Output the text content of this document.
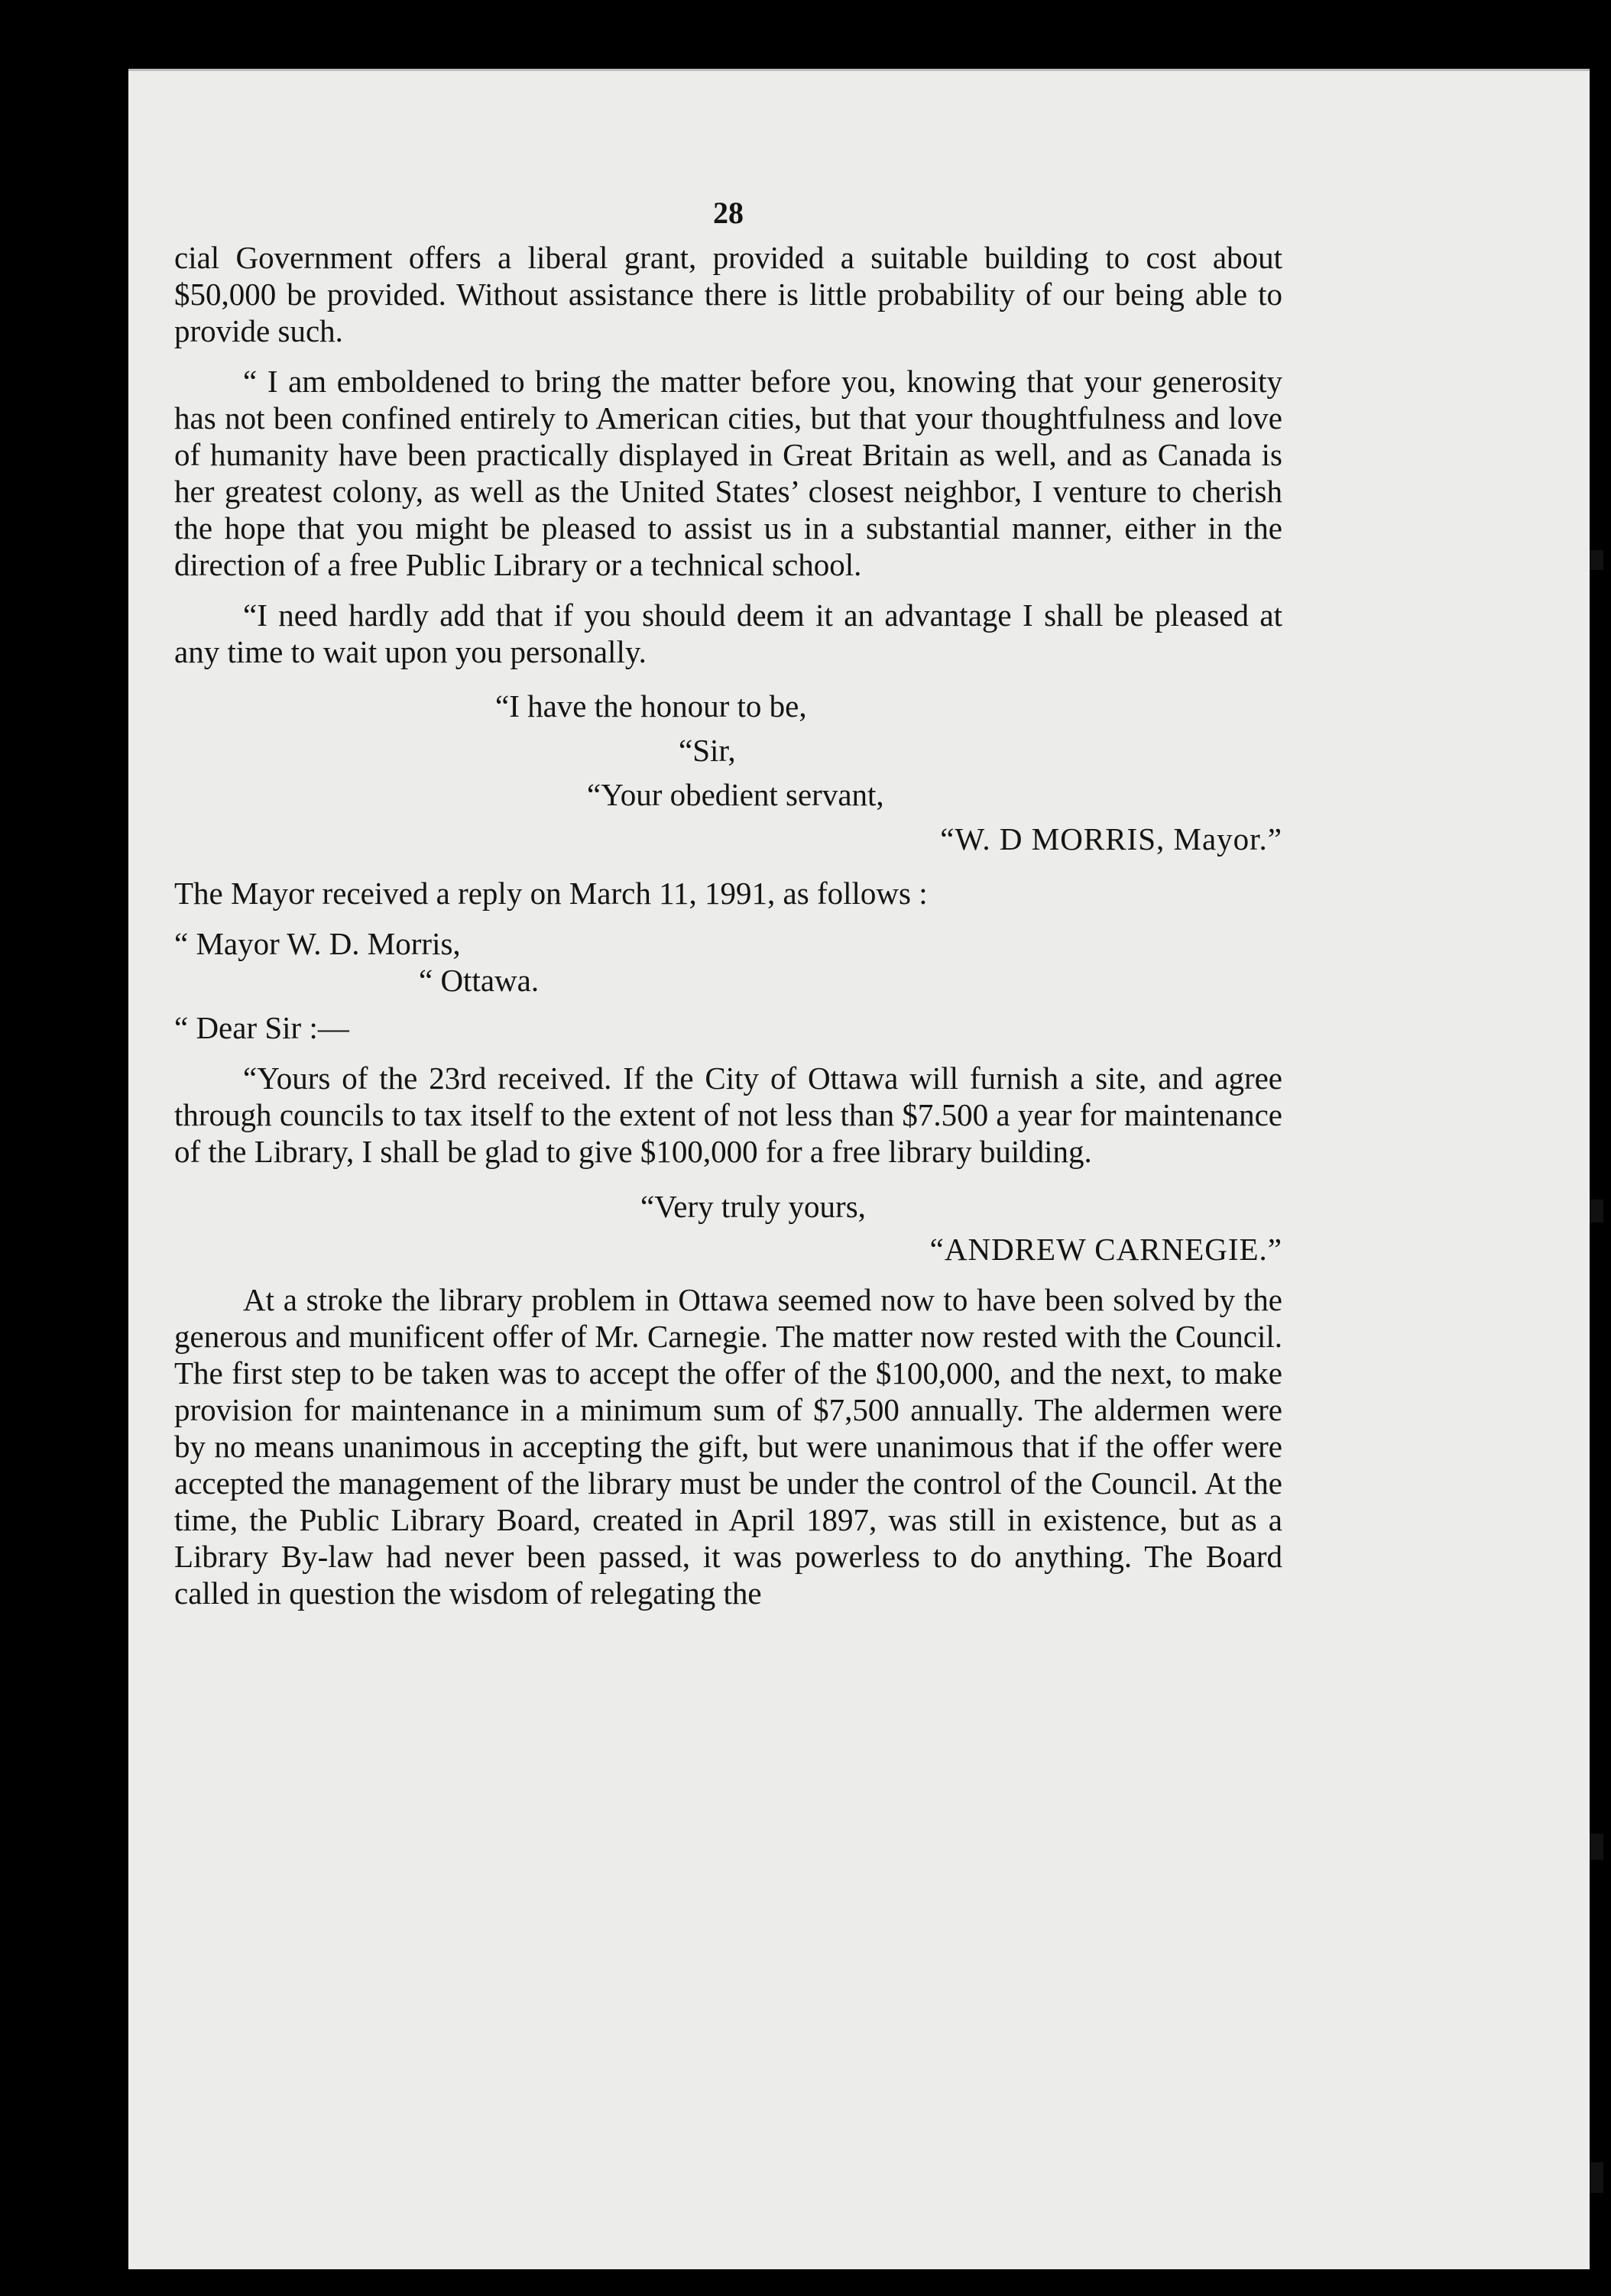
28

cial Government offers a liberal grant, provided a suitable building to cost about $50,000 be provided. Without assistance there is little probability of our being able to provide such.

“ I am emboldened to bring the matter before you, knowing that your generosity has not been confined entirely to American cities, but that your thoughtfulness and love of humanity have been practically displayed in Great Britain as well, and as Canada is her greatest colony, as well as the United States’ closest neighbor, I venture to cherish the hope that you might be pleased to assist us in a substantial manner, either in the direction of a free Public Library or a technical school.

“I need hardly add that if you should deem it an advantage I shall be pleased at any time to wait upon you personally.

“I have the honour to be,

“Sir,

“Your obedient servant,

“W. D MORRIS, Mayor.”

The Mayor received a reply on March 11, 1991, as follows :

“ Mayor W. D. Morris,

“ Ottawa.

“ Dear Sir :—

“Yours of the 23rd received. If the City of Ottawa will furnish a site, and agree through councils to tax itself to the extent of not less than $7.500 a year for maintenance of the Library, I shall be glad to give $100,000 for a free library building.

“Very truly yours,

“ANDREW CARNEGIE.”

At a stroke the library problem in Ottawa seemed now to have been solved by the generous and munificent offer of Mr. Carnegie. The matter now rested with the Council. The first step to be taken was to accept the offer of the $100,000, and the next, to make provision for maintenance in a minimum sum of $7,500 annually. The aldermen were by no means unanimous in accepting the gift, but were unanimous that if the offer were accepted the management of the library must be under the control of the Council. At the time, the Public Library Board, created in April 1897, was still in existence, but as a Library By-law had never been passed, it was powerless to do anything. The Board called in question the wisdom of relegating the
